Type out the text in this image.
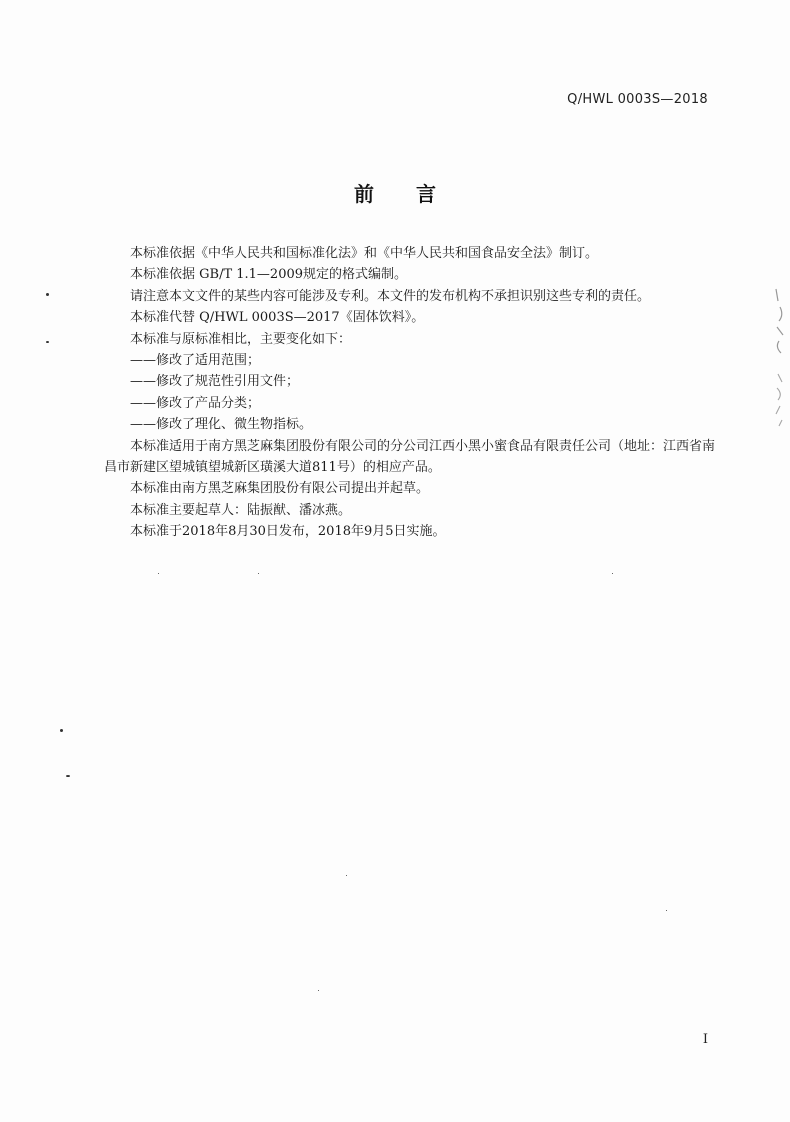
Q/HWL 0003S—2018
前言

本标准依据《中华人民共和国标准化法》和《中华人民共和国食品安全法》制订。

本标准依据 GB/T 1.1—2009规定的格式编制。

请注意本文文件的某些内容可能涉及专利。本文件的发布机构不承担识别这些专利的责任。

本标准代替 Q/HWL 0003S—2017《固体饮料》。

本标准与原标准相比，主要变化如下：

——修改了适用范围；

——修改了规范性引用文件；

——修改了产品分类；

——修改了理化、微生物指标。

本标准适用于南方黑芝麻集团股份有限公司的分公司江西小黑小蜜食品有限责任公司（地址：江西省南昌市新建区望城镇望城新区璜溪大道811号）的相应产品。

本标准由南方黑芝麻集团股份有限公司提出并起草。

本标准主要起草人：陆振猷、潘冰燕。

本标准于2018年8月30日发布，2018年9月5日实施。

I
